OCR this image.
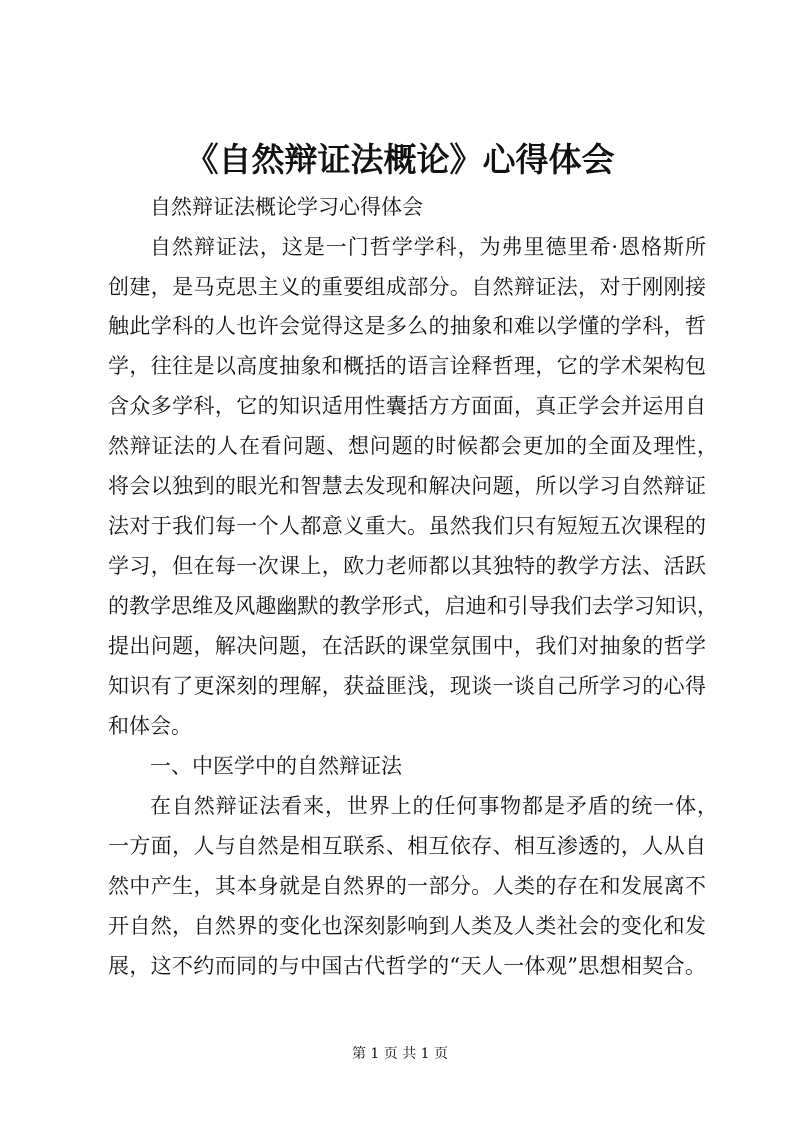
《自然辩证法概论》心得体会
自然辩证法概论学习心得体会
自然辩证法，这是一门哲学学科，为弗里德里希·恩格斯所
创建，是马克思主义的重要组成部分。自然辩证法，对于刚刚接
触此学科的人也许会觉得这是多么的抽象和难以学懂的学科，哲
学，往往是以高度抽象和概括的语言诠释哲理，它的学术架构包
含众多学科，它的知识适用性囊括方方面面，真正学会并运用自
然辩证法的人在看问题、想问题的时候都会更加的全面及理性，
将会以独到的眼光和智慧去发现和解决问题，所以学习自然辩证
法对于我们每一个人都意义重大。虽然我们只有短短五次课程的
学习，但在每一次课上，欧力老师都以其独特的教学方法、活跃
的教学思维及风趣幽默的教学形式，启迪和引导我们去学习知识，
提出问题，解决问题，在活跃的课堂氛围中，我们对抽象的哲学
知识有了更深刻的理解，获益匪浅，现谈一谈自己所学习的心得
和体会。
一、中医学中的自然辩证法
在自然辩证法看来，世界上的任何事物都是矛盾的统一体，
一方面，人与自然是相互联系、相互依存、相互渗透的，人从自
然中产生，其本身就是自然界的一部分。人类的存在和发展离不
开自然，自然界的变化也深刻影响到人类及人类社会的变化和发
展，这不约而同的与中国古代哲学的“天人一体观”思想相契合。
第 1 页 共 1 页
